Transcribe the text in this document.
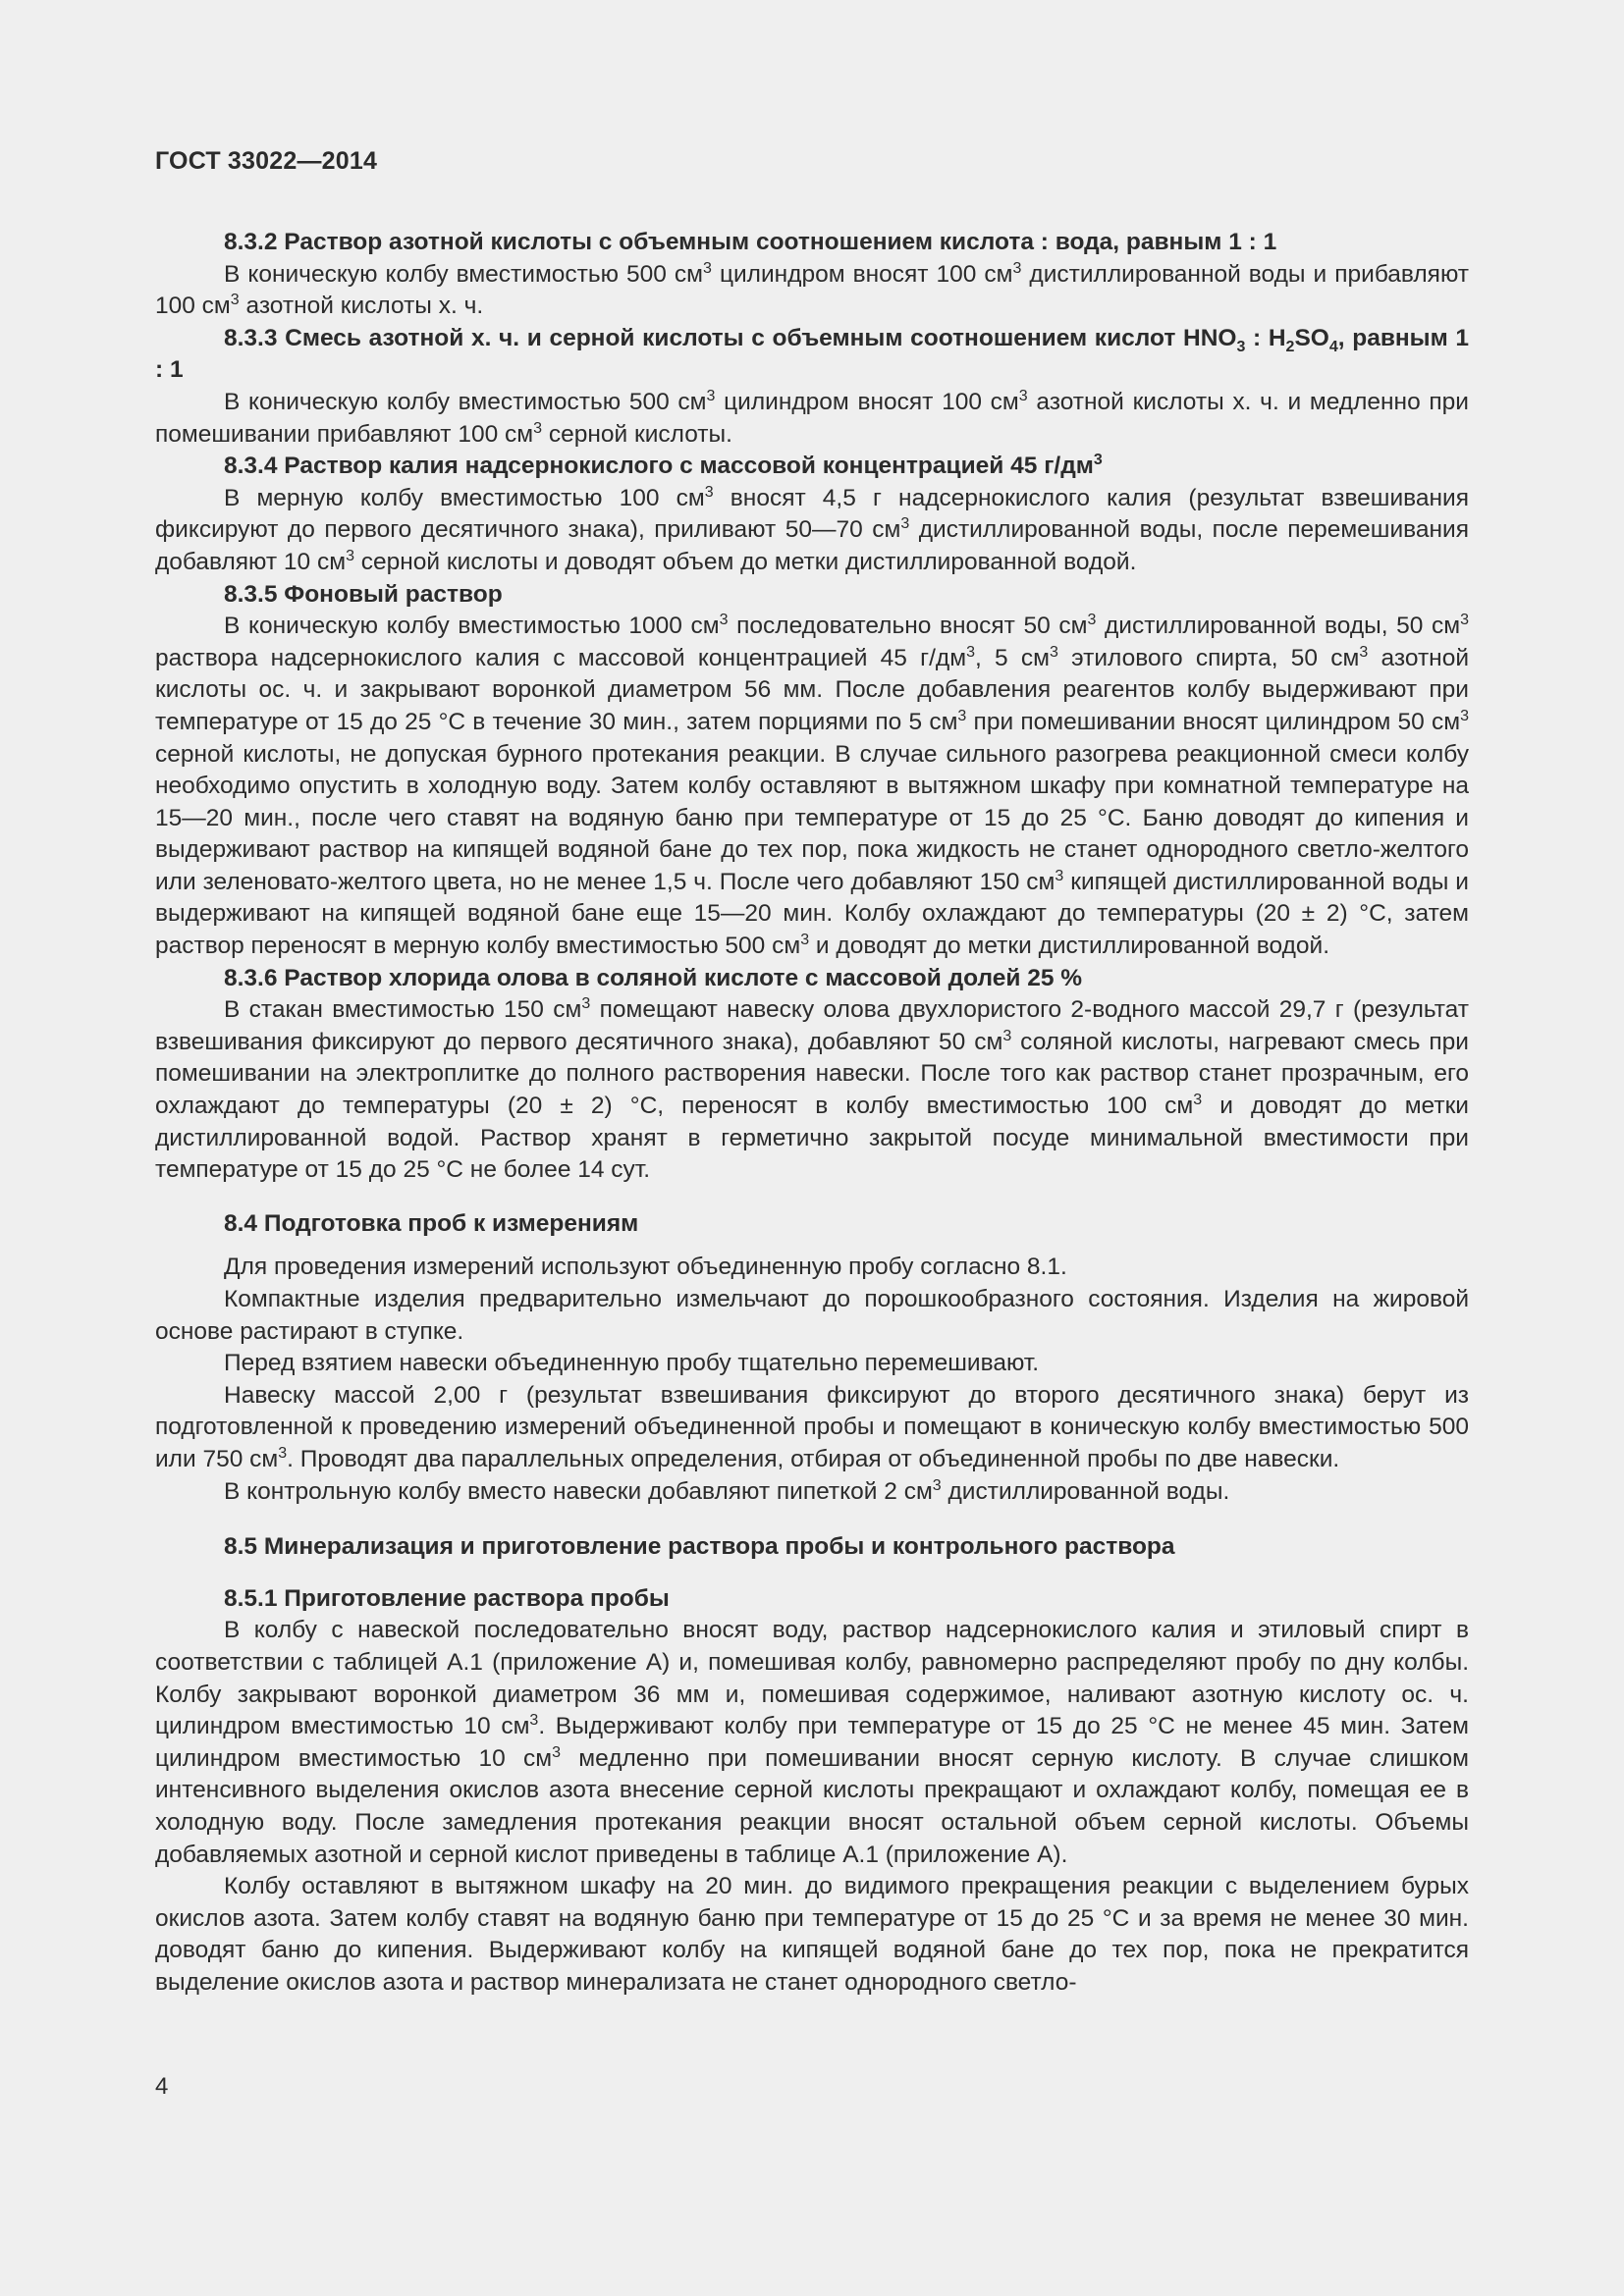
ГОСТ 33022—2014
8.3.2 Раствор азотной кислоты с объемным соотношением кислота : вода, равным 1 : 1

В коническую колбу вместимостью 500 $см^3$ цилиндром вносят 100 $см^3$ дистиллированной воды и прибавляют 100 $см^3$ азотной кислоты х. ч.

8.3.3 Смесь азотной х. ч. и серной кислоты с объемным соотношением кислот $HNO_3$ : $H_2SO_4$, равным 1 : 1

В коническую колбу вместимостью 500 $см^3$ цилиндром вносят 100 $см^3$ азотной кислоты х. ч. и медленно при помешивании прибавляют 100 $см^3$ серной кислоты.

8.3.4 Раствор калия надсернокислого с массовой концентрацией 45 $г/дм^3$

В мерную колбу вместимостью 100 $см^3$ вносят 4,5 г надсернокислого калия (результат взвешивания фиксируют до первого десятичного знака), приливают 50—70 $см^3$ дистиллированной воды, после перемешивания добавляют 10 $см^3$ серной кислоты и доводят объем до метки дистиллированной водой.

8.3.5 Фоновый раствор

В коническую колбу вместимостью 1000 $см^3$ последовательно вносят 50 $см^3$ дистиллированной воды, 50 $см^3$ раствора надсернокислого калия с массовой концентрацией 45 $г/дм^3$, 5 $см^3$ этилового спирта, 50 $см^3$ азотной кислоты ос. ч. и закрывают воронкой диаметром 56 мм. После добавления реагентов колбу выдерживают при температуре от 15 до 25 °С в течение 30 мин., затем порциями по 5 $см^3$ при помешивании вносят цилиндром 50 $см^3$ серной кислоты, не допуская бурного протекания реакции. В случае сильного разогрева реакционной смеси колбу необходимо опустить в холодную воду. Затем колбу оставляют в вытяжном шкафу при комнатной температуре на 15—20 мин., после чего ставят на водяную баню при температуре от 15 до 25 °С. Баню доводят до кипения и выдерживают раствор на кипящей водяной бане до тех пор, пока жидкость не станет однородного светло-желтого или зеленовато-желтого цвета, но не менее 1,5 ч. После чего добавляют 150 $см^3$ кипящей дистиллированной воды и выдерживают на кипящей водяной бане еще 15—20 мин. Колбу охлаждают до температуры (20 ± 2) °С, затем раствор переносят в мерную колбу вместимостью 500 $см^3$ и доводят до метки дистиллированной водой.

8.3.6 Раствор хлорида олова в соляной кислоте с массовой долей 25 %

В стакан вместимостью 150 $см^3$ помещают навеску олова двухлористого 2-водного массой 29,7 г (результат взвешивания фиксируют до первого десятичного знака), добавляют 50 $см^3$ соляной кислоты, нагревают смесь при помешивании на электроплитке до полного растворения навески. После того как раствор станет прозрачным, его охлаждают до температуры (20 ± 2) °С, переносят в колбу вместимостью 100 $см^3$ и доводят до метки дистиллированной водой. Раствор хранят в герметично закрытой посуде минимальной вместимости при температуре от 15 до 25 °С не более 14 сут.

8.4 Подготовка проб к измерениям

Для проведения измерений используют объединенную пробу согласно 8.1.

Компактные изделия предварительно измельчают до порошкообразного состояния. Изделия на жировой основе растирают в ступке.

Перед взятием навески объединенную пробу тщательно перемешивают.

Навеску массой 2,00 г (результат взвешивания фиксируют до второго десятичного знака) берут из подготовленной к проведению измерений объединенной пробы и помещают в коническую колбу вместимостью 500 или 750 $см^3$. Проводят два параллельных определения, отбирая от объединенной пробы по две навески.

В контрольную колбу вместо навески добавляют пипеткой 2 $см^3$ дистиллированной воды.

8.5 Минерализация и приготовление раствора пробы и контрольного раствора
8.5.1 Приготовление раствора пробы

В колбу с навеской последовательно вносят воду, раствор надсернокислого калия и этиловый спирт в соответствии с таблицей А.1 (приложение А) и, помешивая колбу, равномерно распределяют пробу по дну колбы. Колбу закрывают воронкой диаметром 36 мм и, помешивая содержимое, наливают азотную кислоту ос. ч. цилиндром вместимостью 10 $см^3$. Выдерживают колбу при температуре от 15 до 25 °С не менее 45 мин. Затем цилиндром вместимостью 10 $см^3$ медленно при помешивании вносят серную кислоту. В случае слишком интенсивного выделения окислов азота внесение серной кислоты прекращают и охлаждают колбу, помещая ее в холодную воду. После замедления протекания реакции вносят остальной объем серной кислоты. Объемы добавляемых азотной и серной кислот приведены в таблице А.1 (приложение А).

Колбу оставляют в вытяжном шкафу на 20 мин. до видимого прекращения реакции с выделением бурых окислов азота. Затем колбу ставят на водяную баню при температуре от 15 до 25 °С и за время не менее 30 мин. доводят баню до кипения. Выдерживают колбу на кипящей водяной бане до тех пор, пока не прекратится выделение окислов азота и раствор минерализата не станет однородного светло-

4
